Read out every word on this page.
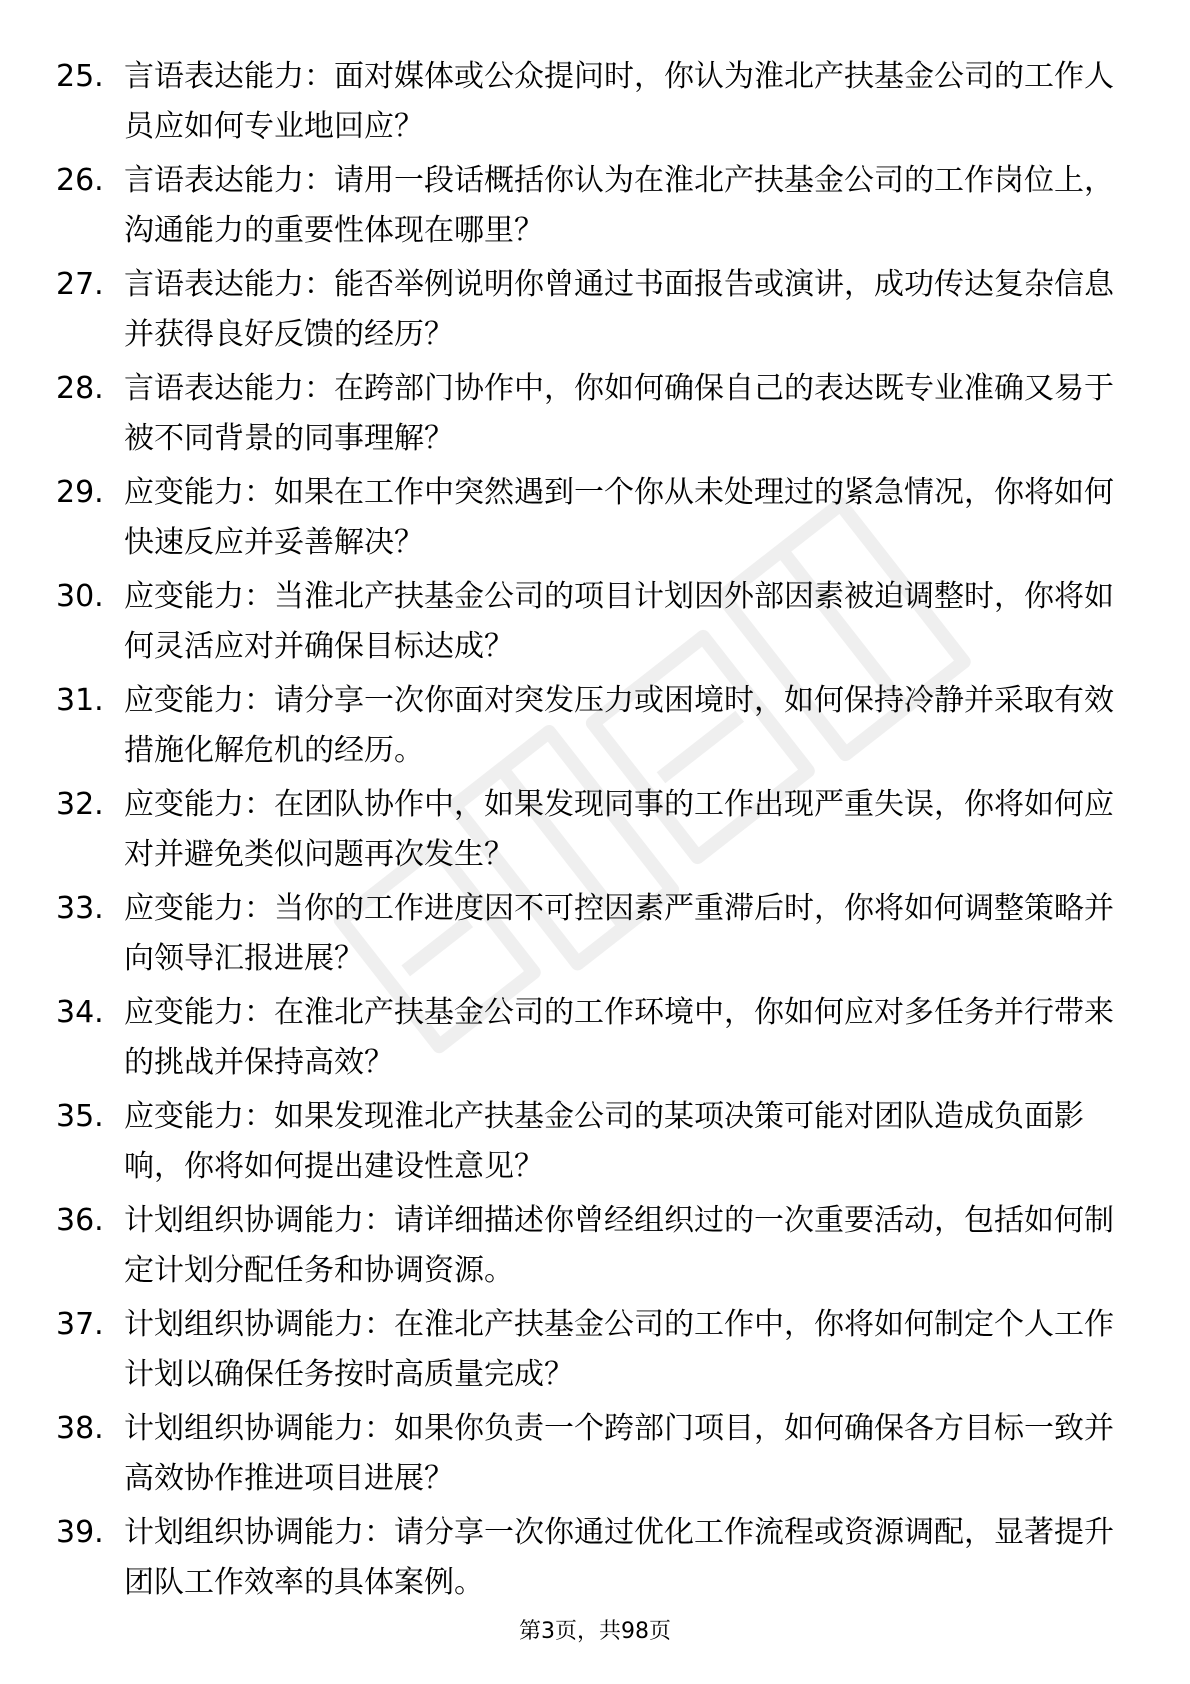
25. 言语表达能力：面对媒体或公众提问时，你认为淮北产扶基金公司的工作人员应如何专业地回应？
26. 言语表达能力：请用一段话概括你认为在淮北产扶基金公司的工作岗位上，沟通能力的重要性体现在哪里？
27. 言语表达能力：能否举例说明你曾通过书面报告或演讲，成功传达复杂信息并获得良好反馈的经历？
28. 言语表达能力：在跨部门协作中，你如何确保自己的表达既专业准确又易于被不同背景的同事理解？
29. 应变能力：如果在工作中突然遇到一个你从未处理过的紧急情况，你将如何快速反应并妥善解决？
30. 应变能力：当淮北产扶基金公司的项目计划因外部因素被迫调整时，你将如何灵活应对并确保目标达成？
31. 应变能力：请分享一次你面对突发压力或困境时，如何保持冷静并采取有效措施化解危机的经历。
32. 应变能力：在团队协作中，如果发现同事的工作出现严重失误，你将如何应对并避免类似问题再次发生？
33. 应变能力：当你的工作进度因不可控因素严重滞后时，你将如何调整策略并向领导汇报进展？
34. 应变能力：在淮北产扶基金公司的工作环境中，你如何应对多任务并行带来的挑战并保持高效？
35. 应变能力：如果发现淮北产扶基金公司的某项决策可能对团队造成负面影响，你将如何提出建设性意见？
36. 计划组织协调能力：请详细描述你曾经组织过的一次重要活动，包括如何制定计划分配任务和协调资源。
37. 计划组织协调能力：在淮北产扶基金公司的工作中，你将如何制定个人工作计划以确保任务按时高质量完成？
38. 计划组织协调能力：如果你负责一个跨部门项目，如何确保各方目标一致并高效协作推进项目进展？
39. 计划组织协调能力：请分享一次你通过优化工作流程或资源调配，显著提升团队工作效率的具体案例。
第3页，共98页
